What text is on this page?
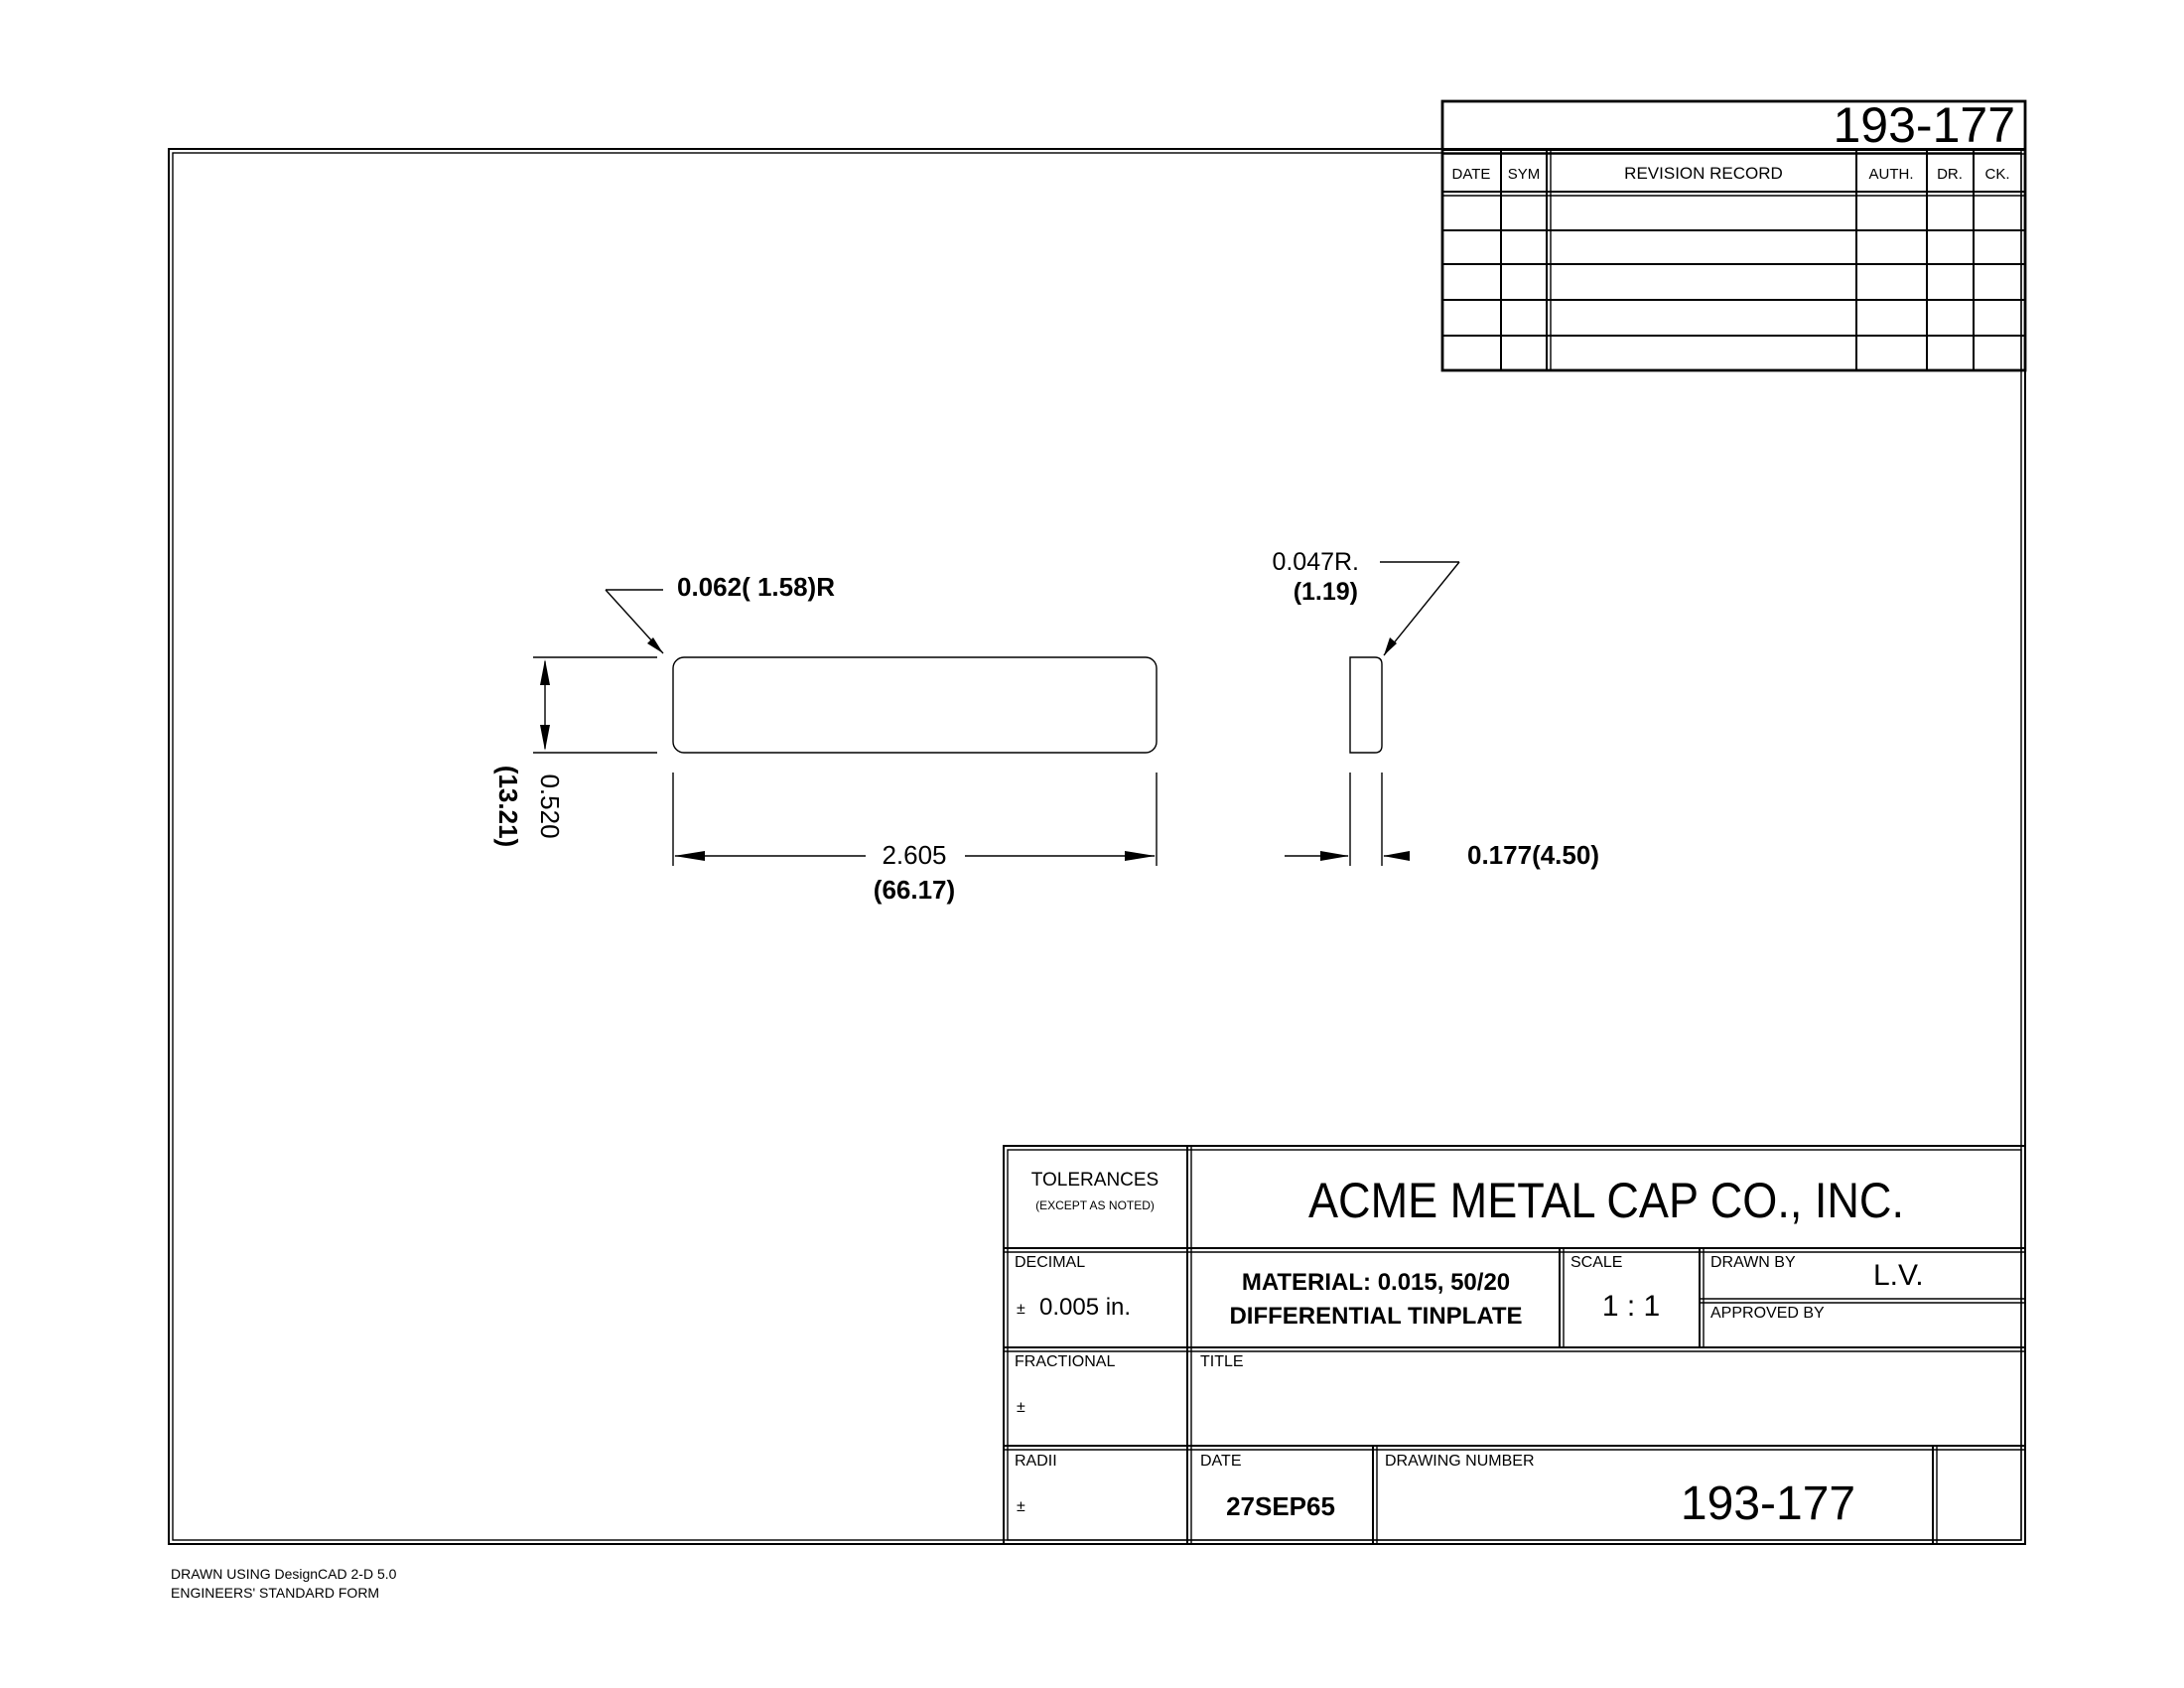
193-177
DATE SYM	REVISION RECORD	AUTH. DR. CK.
0.062( 1.58)R
0.047R.
(1.19)
0.520
(13.21)
2.605
(66.17)
0.177(4.50)
TOLERANCES
(EXCEPT AS NOTED)	ACME METAL CAP CO., INC.
DECIMAL
± 0.005 in.
MATERIAL: 0.015, 50/20
DIFFERENTIAL TINPLATE
SCALE
1 : 1
DRAWN BY	L.V.
APPROVED BY
FRACTIONAL
±
TITLE
RADII
±
DATE
27SEP65
DRAWING NUMBER
193-177
DRAWN USING DesignCAD 2-D 5.0
ENGINEERS' STANDARD FORM
